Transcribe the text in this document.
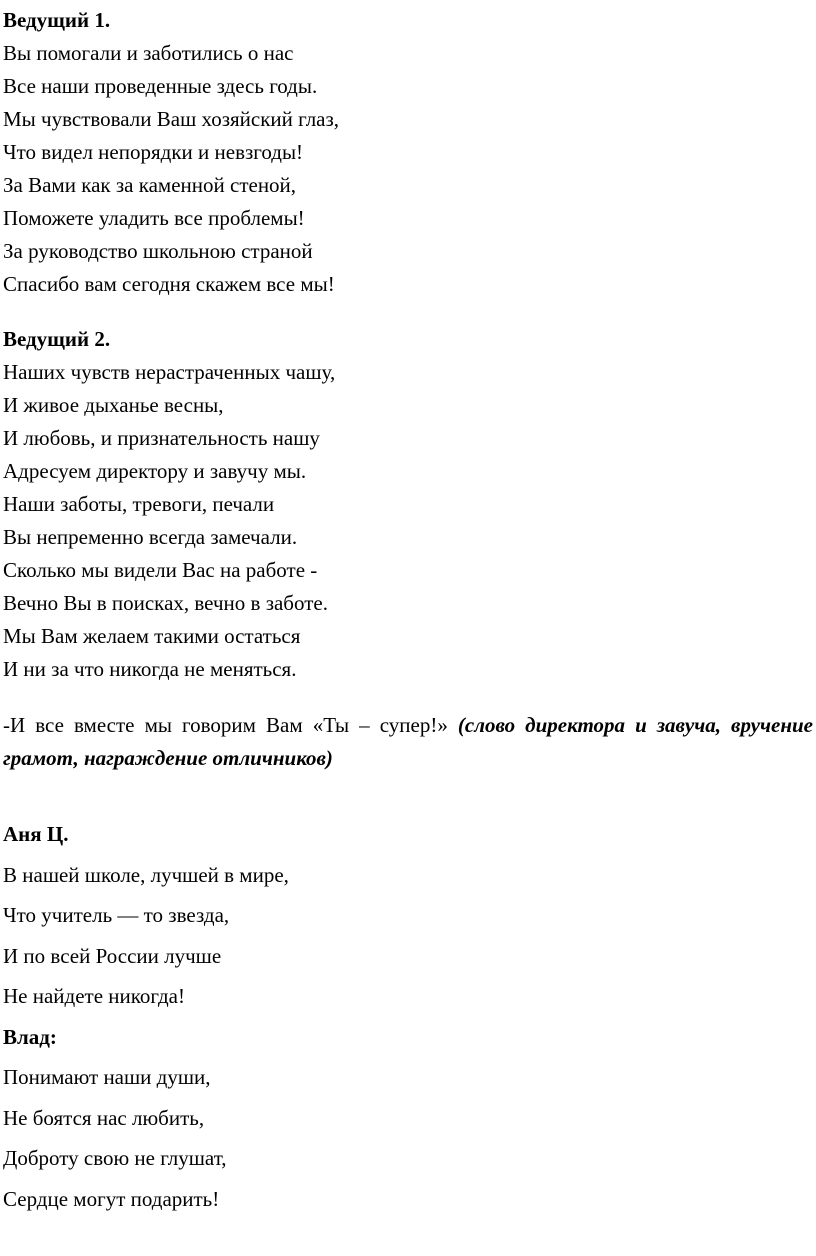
Ведущий 1.
Вы помогали и заботились о нас
Все наши проведенные здесь годы.
Мы чувствовали Ваш хозяйский глаз,
Что видел непорядки и невзгоды!
За Вами как за каменной стеной,
Поможете уладить все проблемы!
За руководство школьною страной
Спасибо вам сегодня скажем все мы!
Ведущий 2.
Наших чувств нерастраченных чашу,
И живое дыханье весны,
И любовь, и признательность нашу
Адресуем директору и завучу мы.
Наши заботы, тревоги, печали
Вы непременно всегда замечали.
Сколько мы видели Вас на работе -
Вечно Вы в поисках, вечно в заботе.
Мы Вам желаем такими остаться
И ни за что никогда не меняться.
-И все вместе мы говорим Вам «Ты – супер!» (слово директора и завуча, вручение грамот, награждение отличников)
Аня Ц.
В нашей школе, лучшей в мире,
Что учитель — то звезда,
И по всей России лучше
Не найдете никогда!
Влад:
Понимают наши души,
Не боятся нас любить,
Доброту свою не глушат,
Сердце могут подарить!
